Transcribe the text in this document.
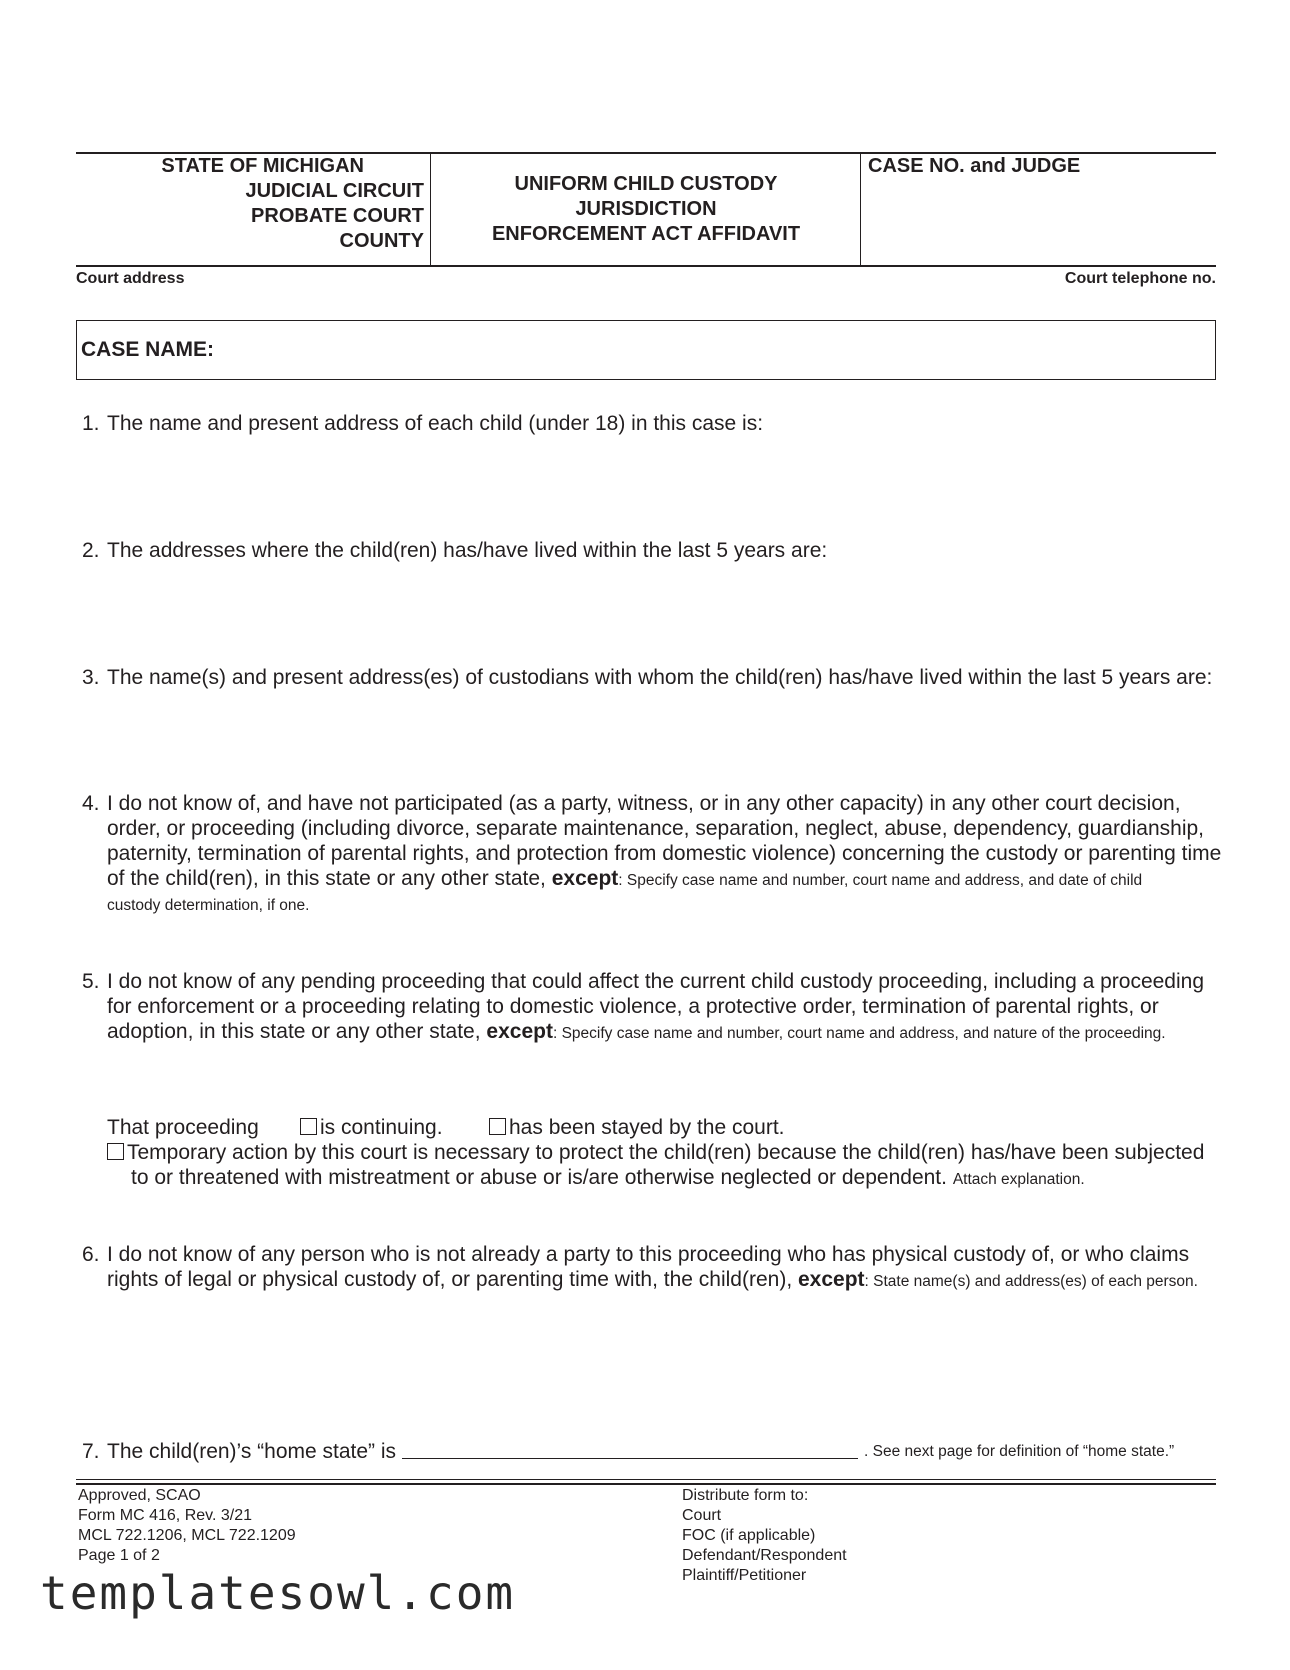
STATE OF MICHIGAN
JUDICIAL CIRCUIT
PROBATE COURT
COUNTY
UNIFORM CHILD CUSTODY
JURISDICTION
ENFORCEMENT ACT AFFIDAVIT
CASE NO. and JUDGE
Court address	Court telephone no.
CASE NAME:
1. The name and present address of each child (under 18) in this case is:
2. The addresses where the child(ren) has/have lived within the last 5 years are:
3. The name(s) and present address(es) of custodians with whom the child(ren) has/have lived within the last 5 years are:
4. I do not know of, and have not participated (as a party, witness, or in any other capacity) in any other court decision,
order, or proceeding (including divorce, separate maintenance, separation, neglect, abuse, dependency, guardianship,
paternity, termination of parental rights, and protection from domestic violence) concerning the custody or parenting time
of the child(ren), in this state or any other state, except: Specify case name and number, court name and address, and date of child
custody determination, if one.
5. I do not know of any pending proceeding that could affect the current child custody proceeding, including a proceeding
for enforcement or a proceeding relating to domestic violence, a protective order, termination of parental rights, or
adoption, in this state or any other state, except: Specify case name and number, court name and address, and nature of the proceeding.
That proceeding	is continuing.	has been stayed by the court.
Temporary action by this court is necessary to protect the child(ren) because the child(ren) has/have been subjected
to or threatened with mistreatment or abuse or is/are otherwise neglected or dependent. Attach explanation.
6. I do not know of any person who is not already a party to this proceeding who has physical custody of, or who claims
rights of legal or physical custody of, or parenting time with, the child(ren), except: State name(s) and address(es) of each person.
7. The child(ren)’s “home state” is	. See next page for definition of “home state.”
Approved, SCAO
Form MC 416, Rev. 3/21
MCL 722.1206, MCL 722.1209
Page 1 of 2
Distribute form to:
Court
FOC (if applicable)
Defendant/Respondent
Plaintiff/Petitioner
templatesowl.com
